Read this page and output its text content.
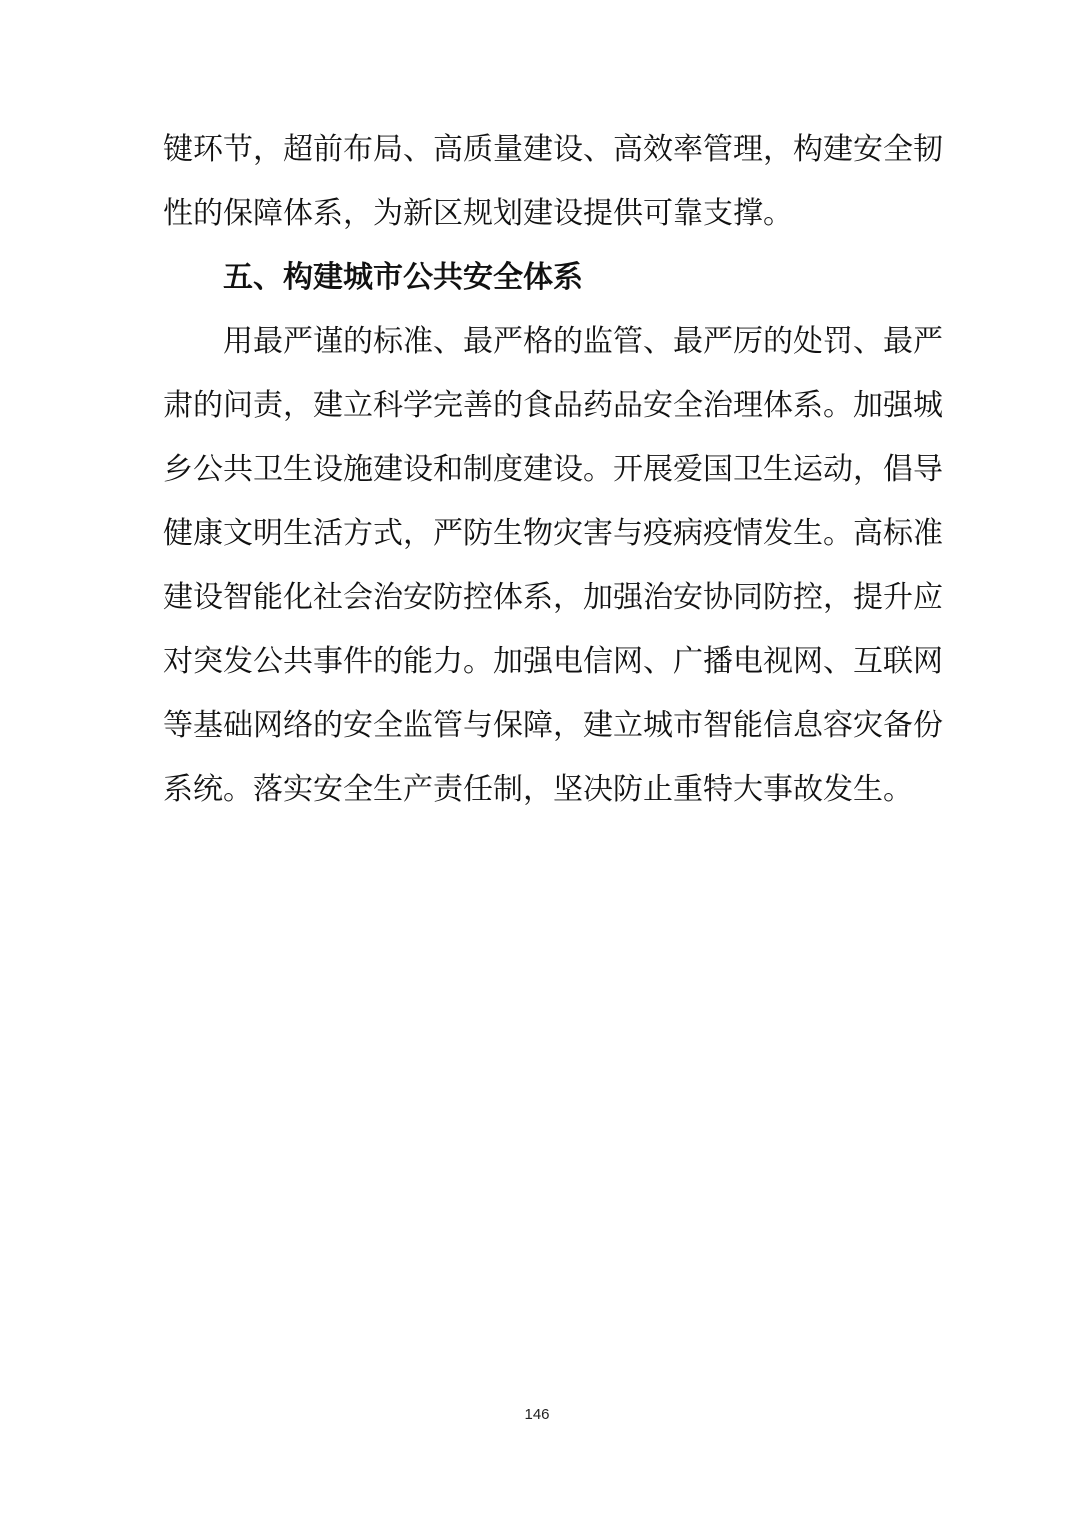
键环节，超前布局、高质量建设、高效率管理，构建安全韧
性的保障体系，为新区规划建设提供可靠支撑。
五、构建城市公共安全体系
用最严谨的标准、最严格的监管、最严厉的处罚、最严
肃的问责，建立科学完善的食品药品安全治理体系。加强城
乡公共卫生设施建设和制度建设。开展爱国卫生运动，倡导
健康文明生活方式，严防生物灾害与疫病疫情发生。高标准
建设智能化社会治安防控体系，加强治安协同防控，提升应
对突发公共事件的能力。加强电信网、广播电视网、互联网
等基础网络的安全监管与保障，建立城市智能信息容灾备份
系统。落实安全生产责任制，坚决防止重特大事故发生。
146
